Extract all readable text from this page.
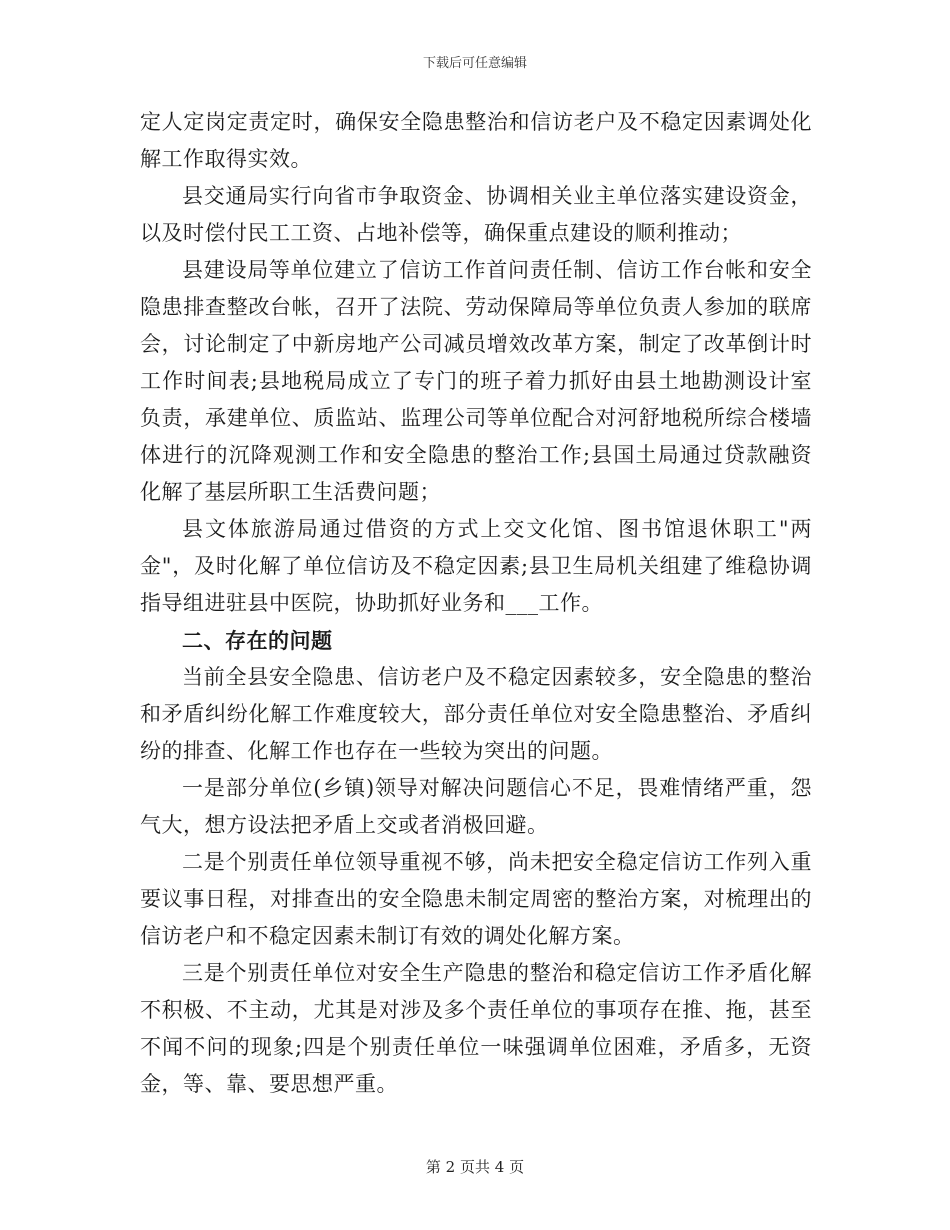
下载后可任意编辑

定人定岗定责定时，确保安全隐患整治和信访老户及不稳定因素调处化解工作取得实效。

县交通局实行向省市争取资金、协调相关业主单位落实建设资金，以及时偿付民工工资、占地补偿等，确保重点建设的顺利推动；

县建设局等单位建立了信访工作首问责任制、信访工作台帐和安全隐患排查整改台帐，召开了法院、劳动保障局等单位负责人参加的联席会，讨论制定了中新房地产公司减员增效改革方案，制定了改革倒计时工作时间表;县地税局成立了专门的班子着力抓好由县土地勘测设计室负责，承建单位、质监站、监理公司等单位配合对河舒地税所综合楼墙体进行的沉降观测工作和安全隐患的整治工作;县国土局通过贷款融资化解了基层所职工生活费问题；

县文体旅游局通过借资的方式上交文化馆、图书馆退休职工"两金"，及时化解了单位信访及不稳定因素;县卫生局机关组建了维稳协调指导组进驻县中医院，协助抓好业务和___工作。

二、存在的问题

当前全县安全隐患、信访老户及不稳定因素较多，安全隐患的整治和矛盾纠纷化解工作难度较大，部分责任单位对安全隐患整治、矛盾纠纷的排查、化解工作也存在一些较为突出的问题。

一是部分单位(乡镇)领导对解决问题信心不足，畏难情绪严重，怨气大，想方设法把矛盾上交或者消极回避。

二是个别责任单位领导重视不够，尚未把安全稳定信访工作列入重要议事日程，对排查出的安全隐患未制定周密的整治方案，对梳理出的信访老户和不稳定因素未制订有效的调处化解方案。

三是个别责任单位对安全生产隐患的整治和稳定信访工作矛盾化解不积极、不主动，尤其是对涉及多个责任单位的事项存在推、拖，甚至不闻不问的现象;四是个别责任单位一味强调单位困难，矛盾多，无资金，等、靠、要思想严重。

第 2 页共 4 页
